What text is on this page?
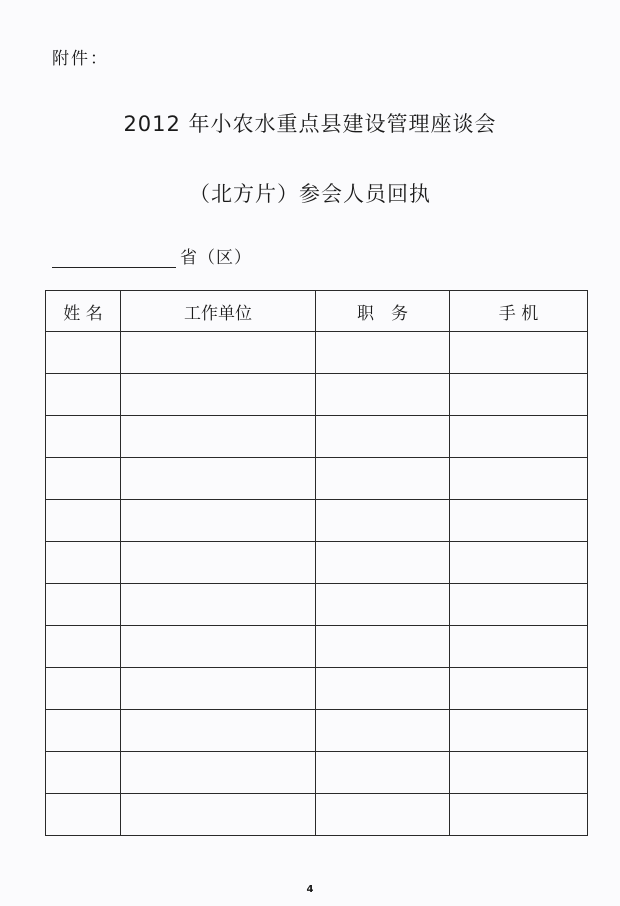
附件：
2012 年小农水重点县建设管理座谈会
（北方片）参会人员回执
省（区）
姓 名	工作单位	职　务	手 机

4
